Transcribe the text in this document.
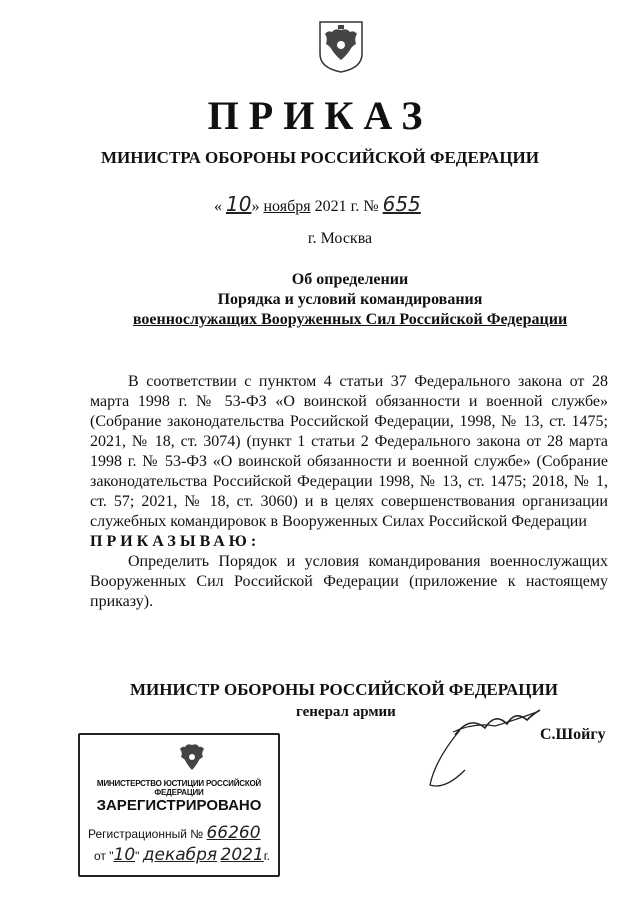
ПРИКАЗ
МИНИСТРА ОБОРОНЫ РОССИЙСКОЙ ФЕДЕРАЦИИ
« 10» ноября 2021 г. № 655
г. Москва
Об определении
Порядка и условий командирования
военнослужащих Вооруженных Сил Российской Федерации

В соответствии с пунктом 4 статьи 37 Федерального закона от 28 марта 1998 г. № 53-ФЗ «О воинской обязанности и военной службе» (Собрание законодательства Российской Федерации, 1998, № 13, ст. 1475; 2021, № 18, ст. 3074) (пункт 1 статьи 2 Федерального закона от 28 марта 1998 г. № 53-ФЗ «О воинской обязанности и военной службе» (Собрание законодательства Российской Федерации 1998, № 13, ст. 1475; 2018, № 1, ст. 57; 2021, № 18, ст. 3060) и в целях совершенствования организации служебных командировок в Вооруженных Силах Российской Федерации

ПРИКАЗЫВАЮ:

Определить Порядок и условия командирования военнослужащих Вооруженных Сил Российской Федерации (приложение к настоящему приказу).

МИНИСТР ОБОРОНЫ РОССИЙСКОЙ ФЕДЕРАЦИИ
генерал армии
С.Шойгу
МИНИСТЕРСТВО ЮСТИЦИИ РОССИЙСКОЙ ФЕДЕРАЦИИ
ЗАРЕГИСТРИРОВАНО
Регистрационный № 66260
от "10" декабря 2021г.
